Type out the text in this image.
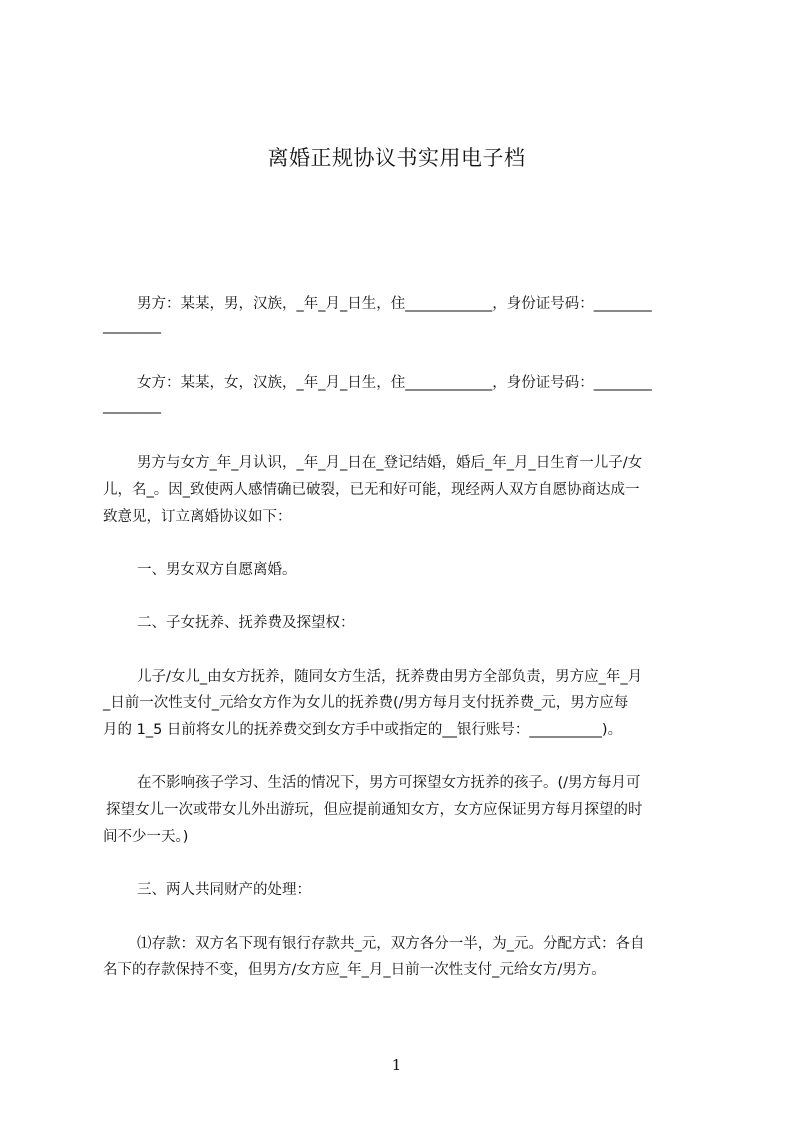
离婚正规协议书实用电子档
男方：某某，男，汉族，_年_月_日生，住____________，身份证号码：________
________
女方：某某，女，汉族，_年_月_日生，住____________，身份证号码：________
________
男方与女方_年_月认识，_年_月_日在_登记结婚，婚后_年_月_日生育一儿子/女
儿，名_。因_致使两人感情确已破裂，已无和好可能，现经两人双方自愿协商达成一
致意见，订立离婚协议如下：
一、男女双方自愿离婚。
二、子女抚养、抚养费及探望权：
儿子/女儿_由女方抚养，随同女方生活，抚养费由男方全部负责，男方应_年_月
_日前一次性支付_元给女方作为女儿的抚养费(/男方每月支付抚养费_元，男方应每
月的 1_5 日前将女儿的抚养费交到女方手中或指定的__银行账号：__________)。
在不影响孩子学习、生活的情况下，男方可探望女方抚养的孩子。(/男方每月可
探望女儿一次或带女儿外出游玩，但应提前通知女方，女方应保证男方每月探望的时
间不少一天。)
三、两人共同财产的处理：
⑴存款：双方名下现有银行存款共_元，双方各分一半，为_元。分配方式：各自
名下的存款保持不变，但男方/女方应_年_月_日前一次性支付_元给女方/男方。
1
